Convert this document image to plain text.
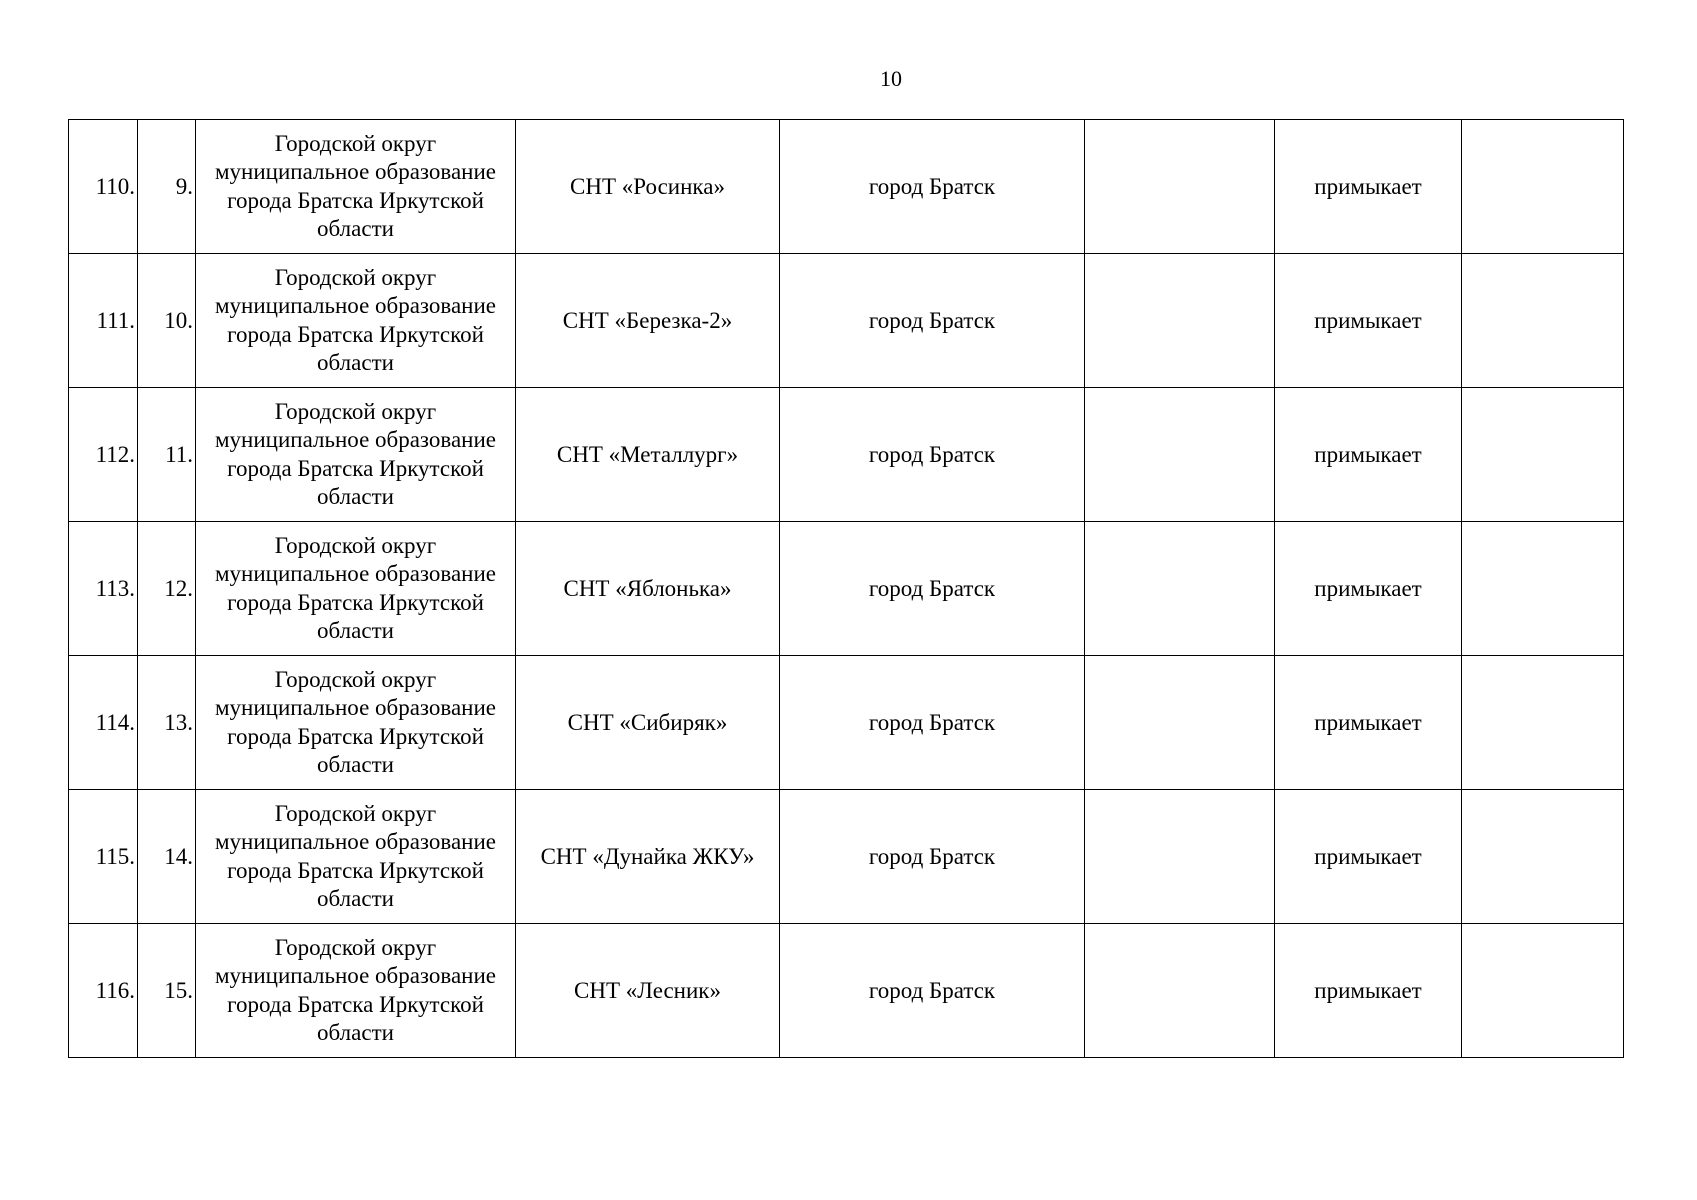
10
110.	9.	Городской округ муниципальное образование города Братска Иркутской области	СНТ «Росинка»	город Братск		примыкает	
111.	10.	Городской округ муниципальное образование города Братска Иркутской области	СНТ «Березка-2»	город Братск		примыкает	
112.	11.	Городской округ муниципальное образование города Братска Иркутской области	СНТ «Металлург»	город Братск		примыкает	
113.	12.	Городской округ муниципальное образование города Братска Иркутской области	СНТ «Яблонька»	город Братск		примыкает	
114.	13.	Городской округ муниципальное образование города Братска Иркутской области	СНТ «Сибиряк»	город Братск		примыкает	
115.	14.	Городской округ муниципальное образование города Братска Иркутской области	СНТ «Дунайка ЖКУ»	город Братск		примыкает	
116.	15.	Городской округ муниципальное образование города Братска Иркутской области	СНТ «Лесник»	город Братск		примыкает	
